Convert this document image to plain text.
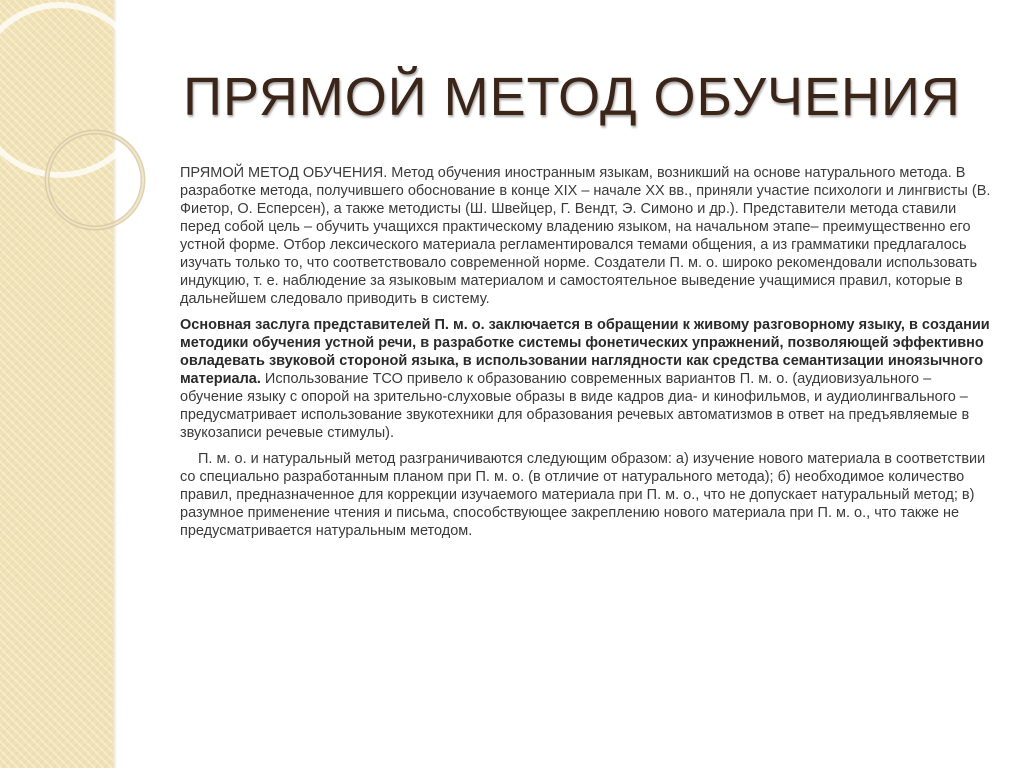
ПРЯМОЙ МЕТОД ОБУЧЕНИЯ

ПРЯМОЙ МЕТОД ОБУЧЕНИЯ. Метод обучения иностранным языкам, возникший на основе натурального метода. В разработке метода, получившего обоснование в конце XIX – начале XX вв., приняли участие психологи и лингвисты (В. Фиетор, О. Есперсен), а также методисты (Ш. Швейцер, Г. Вендт, Э. Симоно и др.). Представители метода ставили перед собой цель – обучить учащихся практическому владению языком, на начальном этапе– преимущественно его устной форме. Отбор лексического материала регламентировался темами общения, а из грамматики предлагалось изучать только то, что соответствовало современной норме. Создатели П. м. о. широко рекомендовали использовать индукцию, т. е. наблюдение за языковым материалом и самостоятельное выведение учащимися правил, которые в дальнейшем следовало приводить в систему.

Основная заслуга представителей П. м. о. заключается в обращении к живому разговорному языку, в создании методики обучения устной речи, в разработке системы фонетических упражнений, позволяющей эффективно овладевать звуковой стороной языка, в использовании наглядности как средства семантизации иноязычного материала. Использование ТСО привело к образованию современных вариантов П. м. о. (аудиовизуального – обучение языку с опорой на зрительно-слуховые образы в виде кадров диа- и кинофильмов, и аудиолингвального – предусматривает использование звукотехники для образования речевых автоматизмов в ответ на предъявляемые в звукозаписи речевые стимулы).

П. м. о. и натуральный метод разграничиваются следующим образом: а) изучение нового материала в соответствии со специально разработанным планом при П. м. о. (в отличие от натурального метода); б) необходимое количество правил, предназначенное для коррекции изучаемого материала при П. м. о., что не допускает натуральный метод; в) разумное применение чтения и письма, способствующее закреплению нового материала при П. м. о., что также не предусматривается натуральным методом.
